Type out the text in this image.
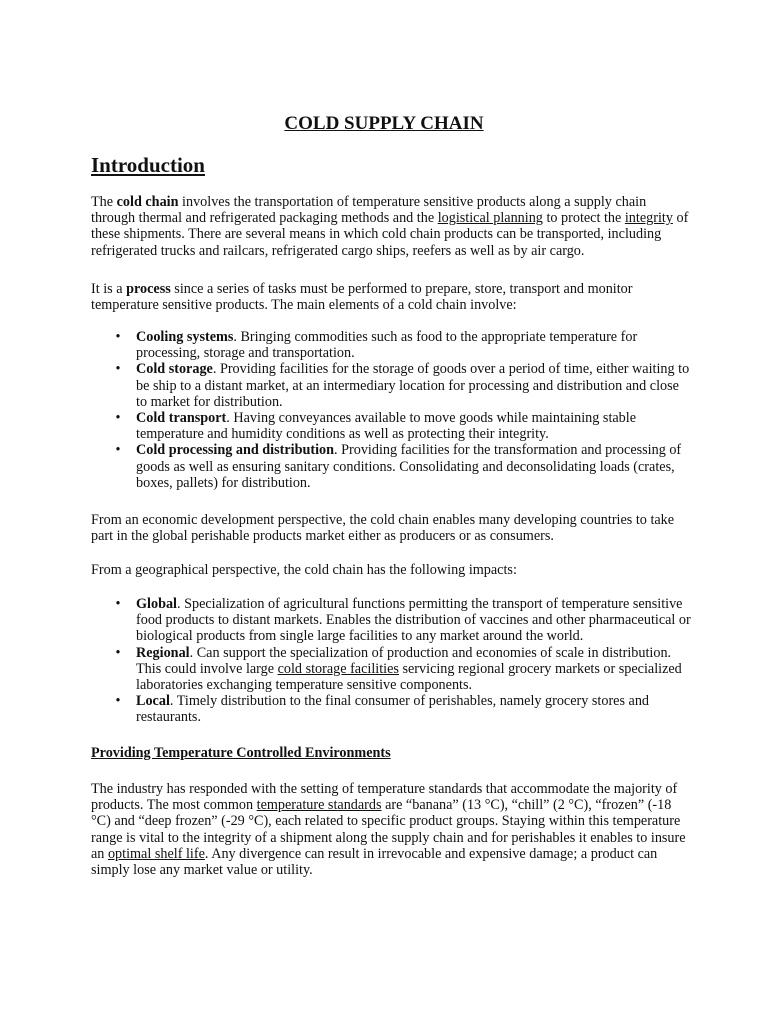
COLD SUPPLY CHAIN
Introduction

The cold chain involves the transportation of temperature sensitive products along a supply chain through thermal and refrigerated packaging methods and the logistical planning to protect the integrity of these shipments. There are several means in which cold chain products can be transported, including refrigerated trucks and railcars, refrigerated cargo ships, reefers as well as by air cargo.

It is a process since a series of tasks must be performed to prepare, store, transport and monitor temperature sensitive products. The main elements of a cold chain involve:

• Cooling systems. Bringing commodities such as food to the appropriate temperature for processing, storage and transportation.
• Cold storage. Providing facilities for the storage of goods over a period of time, either waiting to be ship to a distant market, at an intermediary location for processing and distribution and close to market for distribution.
• Cold transport. Having conveyances available to move goods while maintaining stable temperature and humidity conditions as well as protecting their integrity.
• Cold processing and distribution. Providing facilities for the transformation and processing of goods as well as ensuring sanitary conditions. Consolidating and deconsolidating loads (crates, boxes, pallets) for distribution.

From an economic development perspective, the cold chain enables many developing countries to take part in the global perishable products market either as producers or as consumers.

From a geographical perspective, the cold chain has the following impacts:

• Global. Specialization of agricultural functions permitting the transport of temperature sensitive food products to distant markets. Enables the distribution of vaccines and other pharmaceutical or biological products from single large facilities to any market around the world.
• Regional. Can support the specialization of production and economies of scale in distribution. This could involve large cold storage facilities servicing regional grocery markets or specialized laboratories exchanging temperature sensitive components.
• Local. Timely distribution to the final consumer of perishables, namely grocery stores and restaurants.
Providing Temperature Controlled Environments

The industry has responded with the setting of temperature standards that accommodate the majority of products. The most common temperature standards are “banana” (13 °C), “chill” (2 °C), “frozen” (-18 °C) and “deep frozen” (-29 °C), each related to specific product groups. Staying within this temperature range is vital to the integrity of a shipment along the supply chain and for perishables it enables to insure an optimal shelf life. Any divergence can result in irrevocable and expensive damage; a product can simply lose any market value or utility.
